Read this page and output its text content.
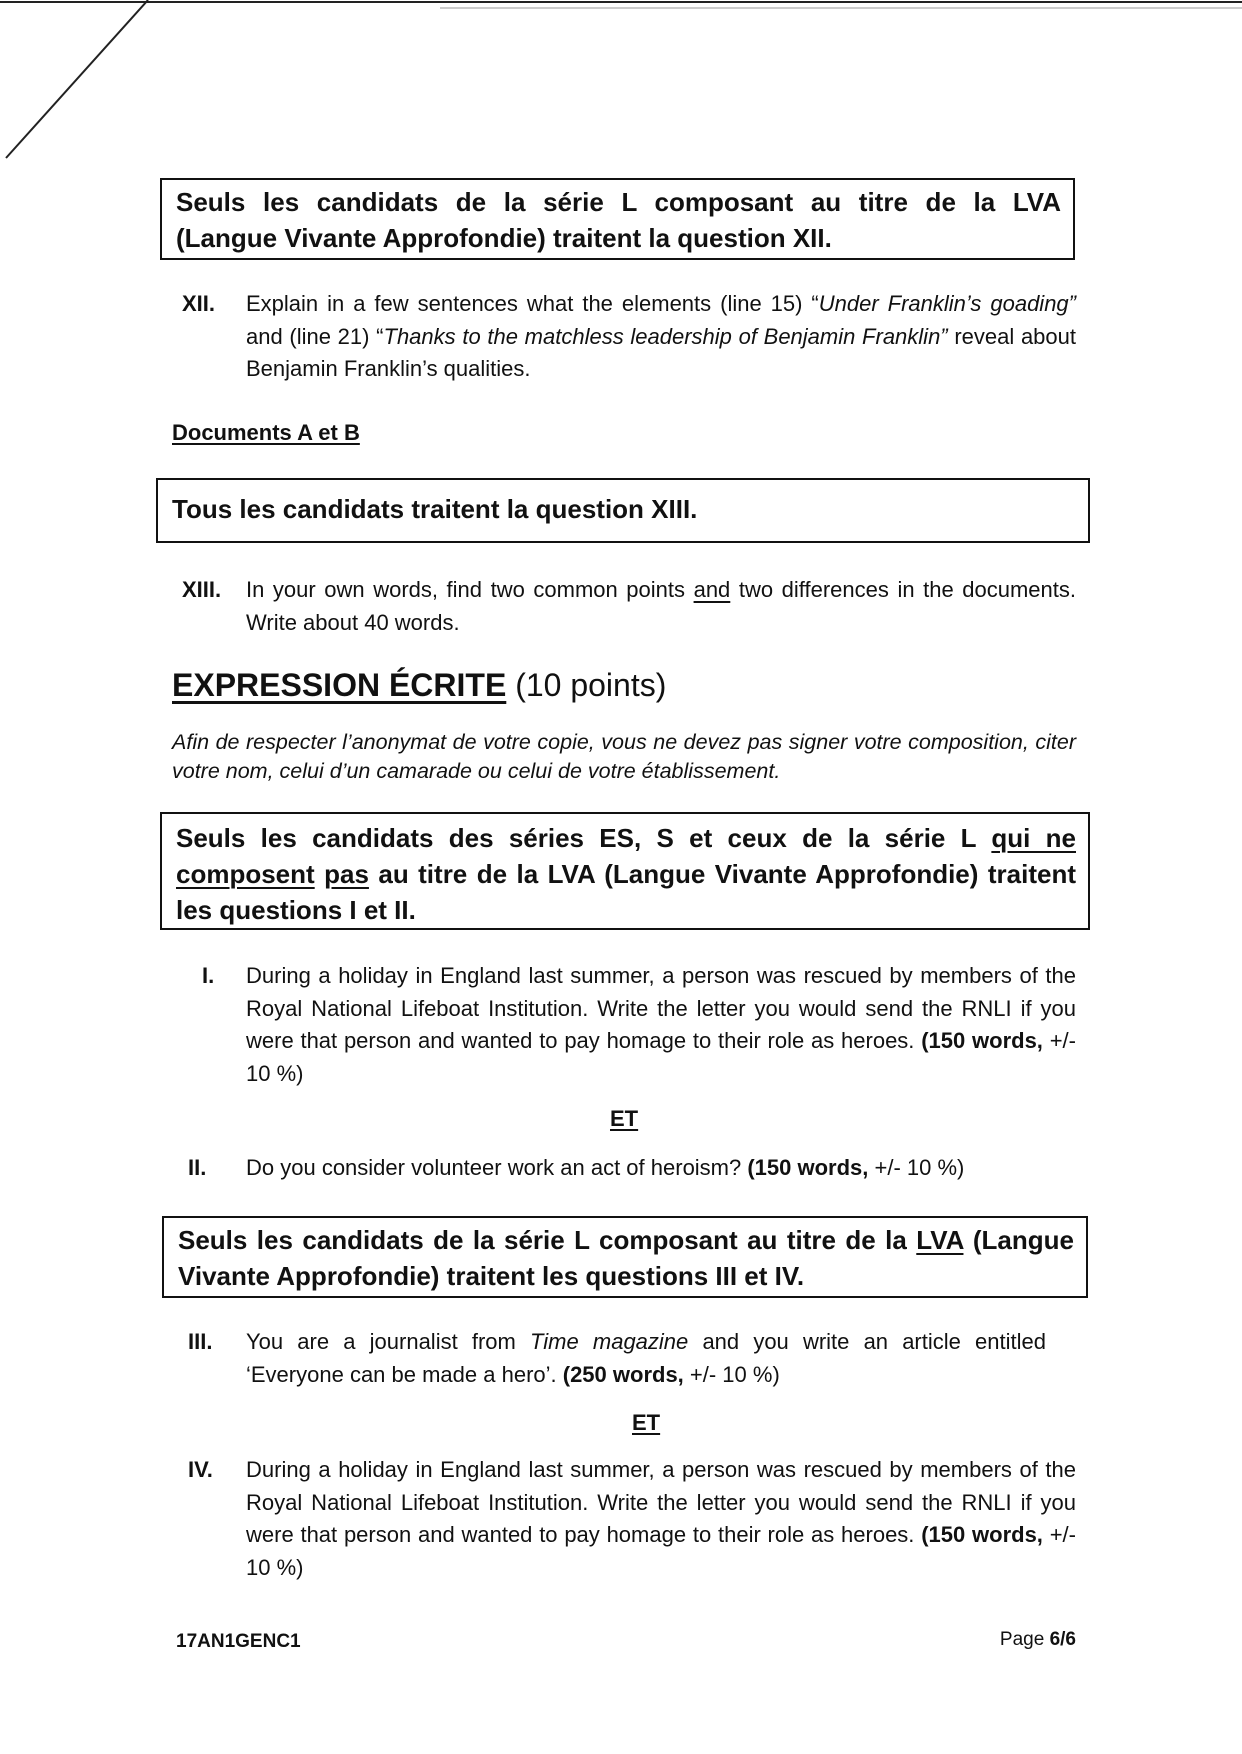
Seuls les candidats de la série L composant au titre de la LVA
(Langue Vivante Approfondie) traitent la question XII.
XII. Explain in a few sentences what the elements (line 15) “Under Franklin’s goading” and (line 21) “Thanks to the matchless leadership of Benjamin Franklin” reveal about Benjamin Franklin’s qualities.
Documents A et B
Tous les candidats traitent la question XIII.
XIII. In your own words, find two common points and two differences in the documents. Write about 40 words.
EXPRESSION ÉCRITE (10 points)
Afin de respecter l’anonymat de votre copie, vous ne devez pas signer votre composition, citer votre nom, celui d’un camarade ou celui de votre établissement.
Seuls les candidats des séries ES, S et ceux de la série L qui ne composent pas au titre de la LVA (Langue Vivante Approfondie) traitent les questions I et II.
I. During a holiday in England last summer, a person was rescued by members of the Royal National Lifeboat Institution. Write the letter you would send the RNLI if you were that person and wanted to pay homage to their role as heroes. (150 words, +/- 10 %)
ET
II. Do you consider volunteer work an act of heroism? (150 words, +/- 10 %)
Seuls les candidats de la série L composant au titre de la LVA (Langue Vivante Approfondie) traitent les questions III et IV.
III. You are a journalist from Time magazine and you write an article entitled ‘Everyone can be made a hero’. (250 words, +/- 10 %)
ET
IV. During a holiday in England last summer, a person was rescued by members of the Royal National Lifeboat Institution. Write the letter you would send the RNLI if you were that person and wanted to pay homage to their role as heroes. (150 words, +/- 10 %)
17AN1GENC1	Page 6/6
